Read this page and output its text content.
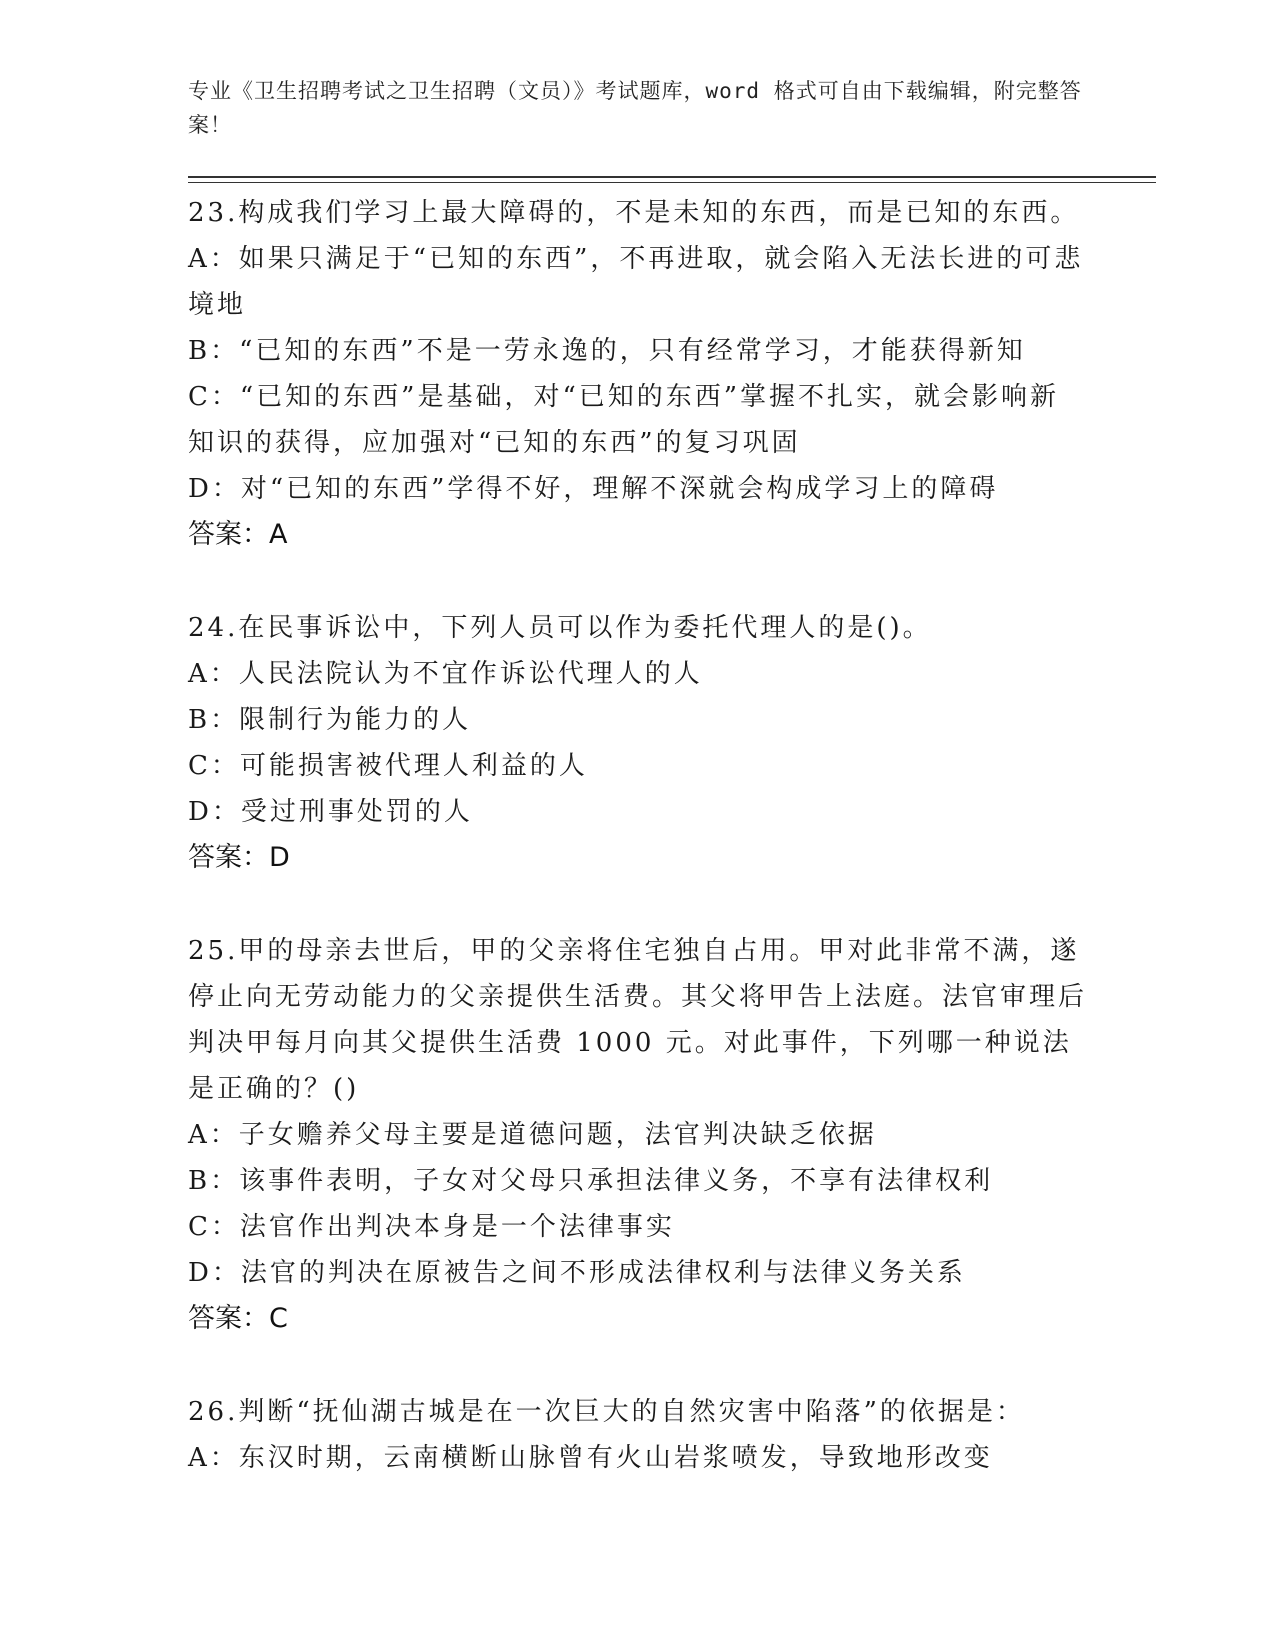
专业《卫生招聘考试之卫生招聘（文员）》考试题库，word 格式可自由下载编辑，附完整答案！
23.构成我们学习上最大障碍的，不是未知的东西，而是已知的东西。
A：如果只满足于“已知的东西”，不再进取，就会陷入无法长进的可悲境地
B：“已知的东西”不是一劳永逸的，只有经常学习，才能获得新知
C：“已知的东西”是基础，对“已知的东西”掌握不扎实，就会影响新知识的获得，应加强对“已知的东西”的复习巩固
D：对“已知的东西”学得不好，理解不深就会构成学习上的障碍
答案：A
24.在民事诉讼中，下列人员可以作为委托代理人的是()。
A：人民法院认为不宜作诉讼代理人的人
B：限制行为能力的人
C：可能损害被代理人利益的人
D：受过刑事处罚的人
答案：D
25.甲的母亲去世后，甲的父亲将住宅独自占用。甲对此非常不满，遂停止向无劳动能力的父亲提供生活费。其父将甲告上法庭。法官审理后判决甲每月向其父提供生活费 1000 元。对此事件，下列哪一种说法是正确的？()
A：子女赡养父母主要是道德问题，法官判决缺乏依据
B：该事件表明，子女对父母只承担法律义务，不享有法律权利
C：法官作出判决本身是一个法律事实
D：法官的判决在原被告之间不形成法律权利与法律义务关系
答案：C
26.判断“抚仙湖古城是在一次巨大的自然灾害中陷落”的依据是：
A：东汉时期，云南横断山脉曾有火山岩浆喷发，导致地形改变
